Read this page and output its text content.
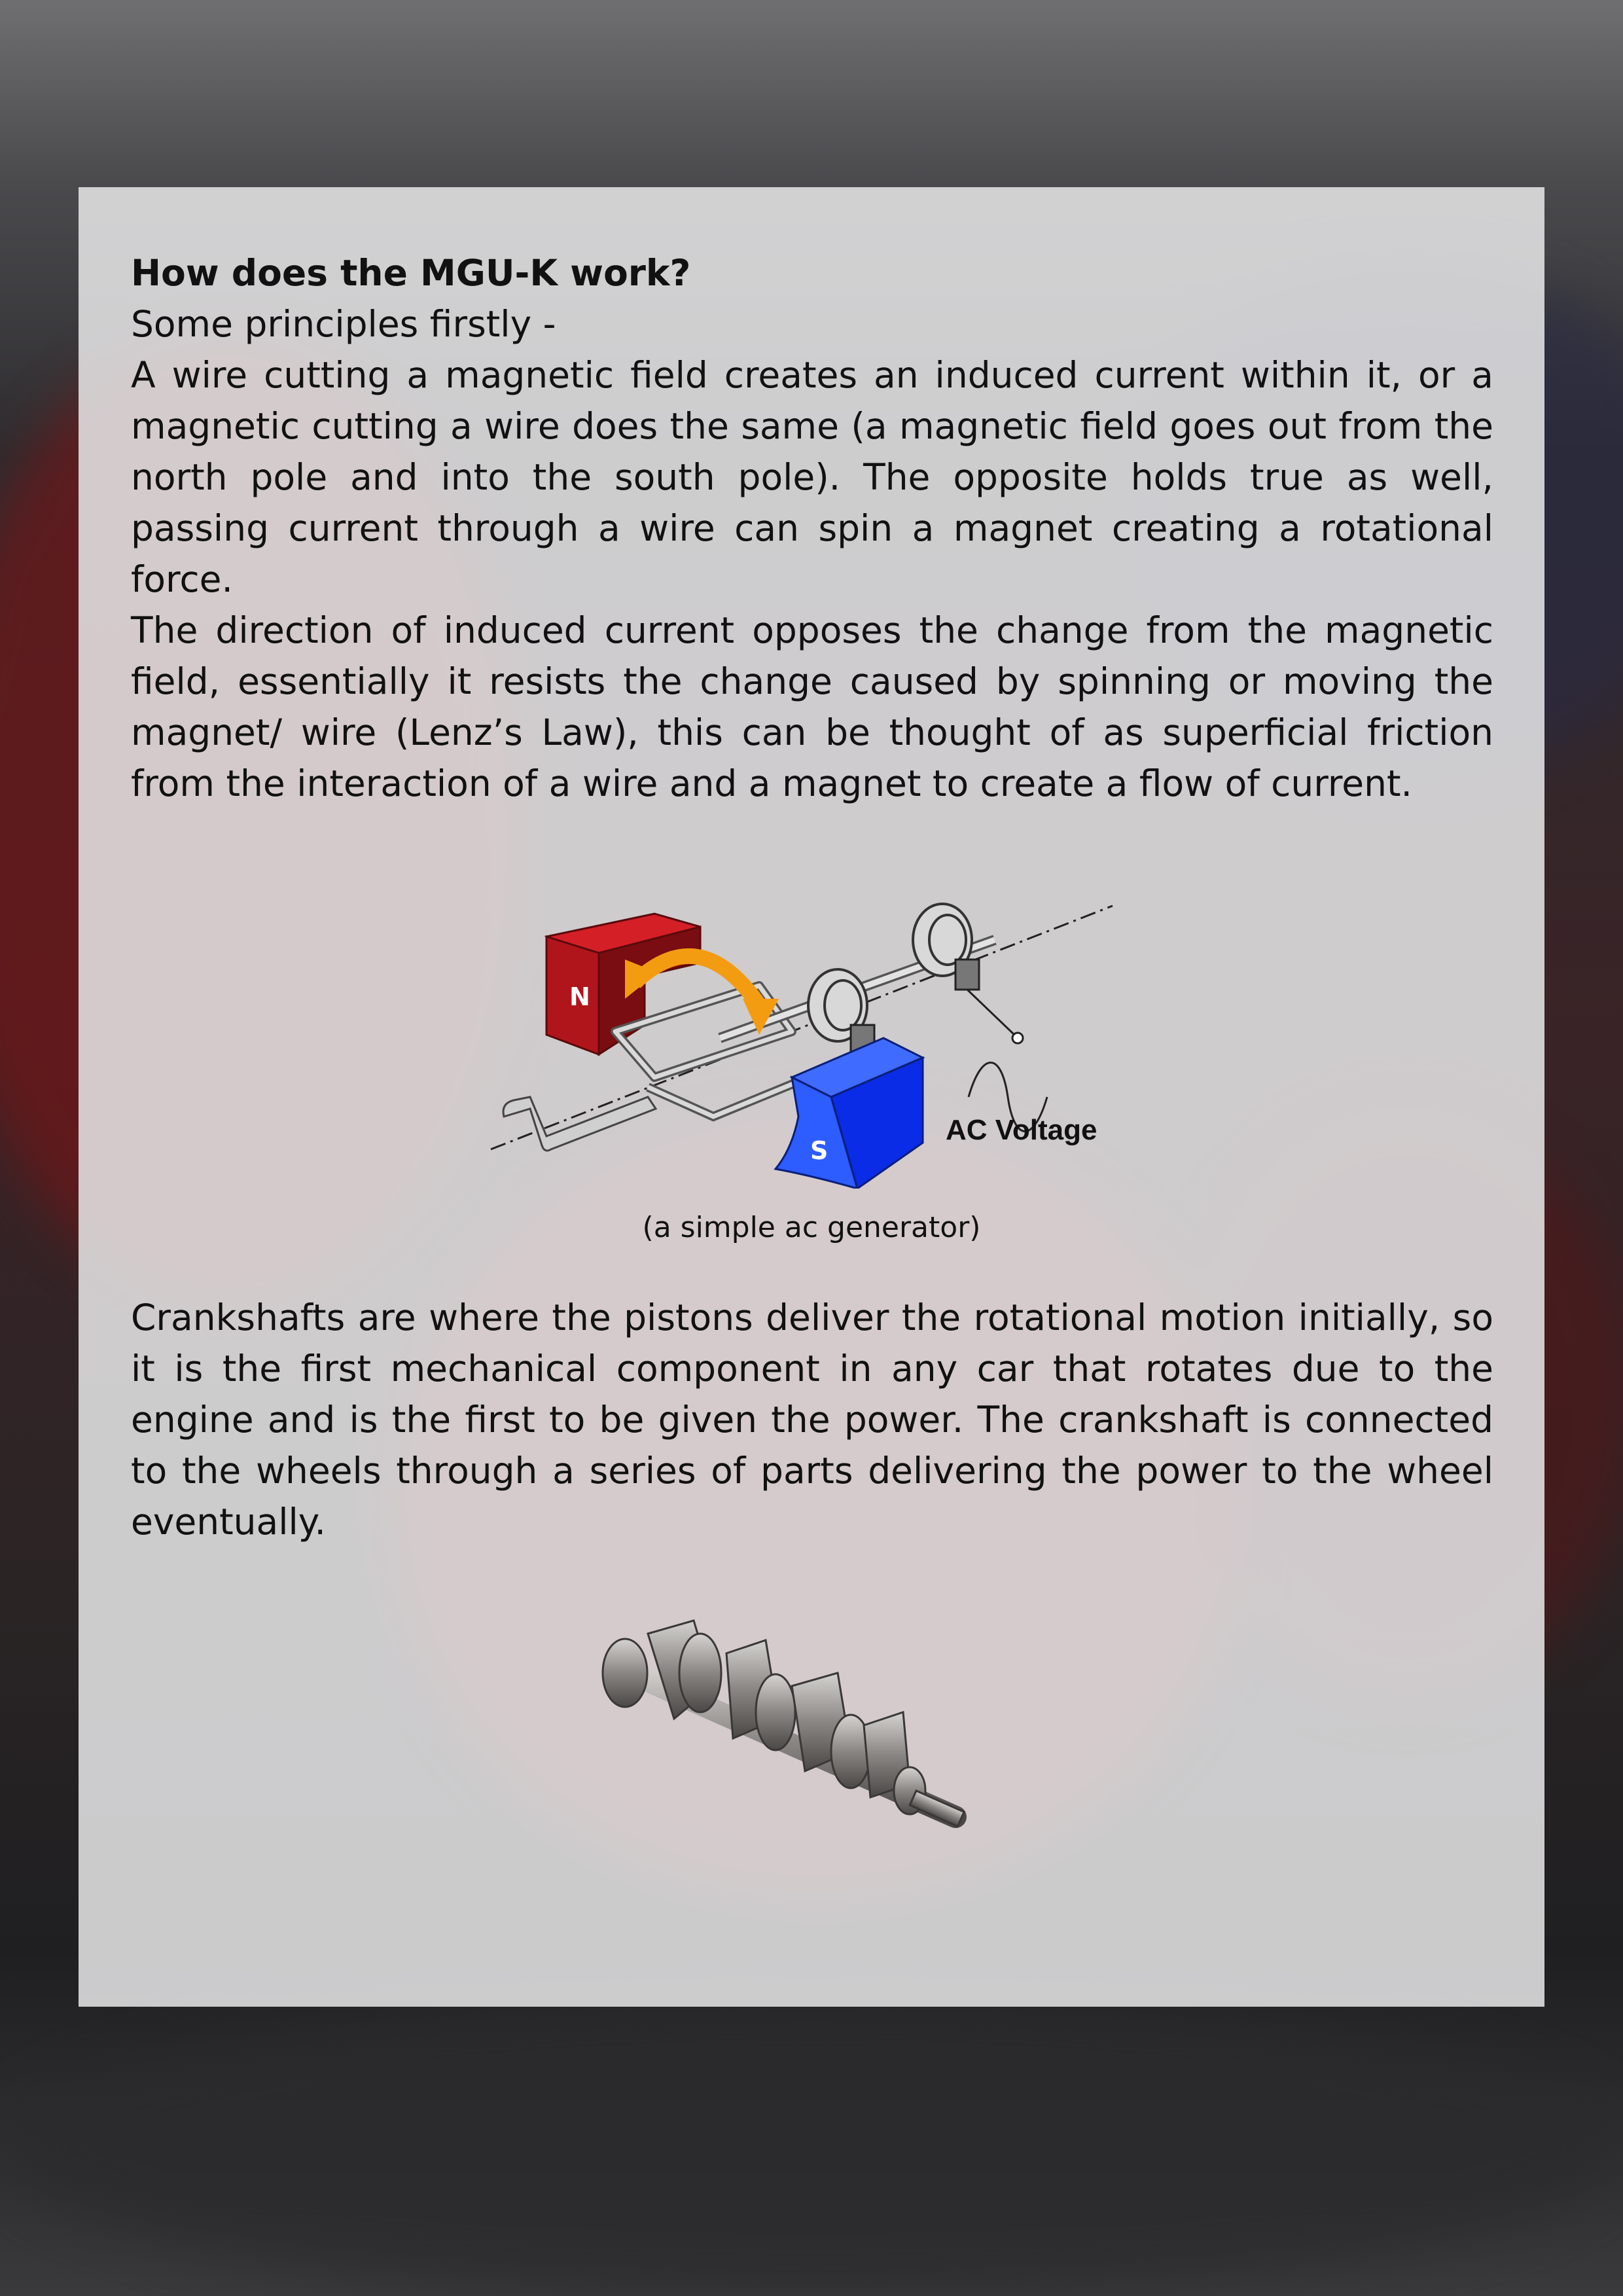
How does the MGU-K work?

Some principles firstly -

A wire cutting a magnetic field creates an induced current within it, or a magnetic cutting a wire does the same (a magnetic field goes out from the north pole and into the south pole). The opposite holds true as well, passing current through a wire can spin a magnet creating a rotational force.

The direction of induced current opposes the change from the magnetic field, essentially it resists the change caused by spinning or moving the magnet/ wire (Lenz’s Law), this can be thought of as superficial friction from the interaction of a wire and a magnet to create a flow of current.

N
S
AC Voltage
(a simple ac generator)

Crankshafts are where the pistons deliver the rotational motion initially, so it is the first mechanical component in any car that rotates due to the engine and is the first to be given the power. The crankshaft is connected to the wheels through a series of parts delivering the power to the wheel eventually.
